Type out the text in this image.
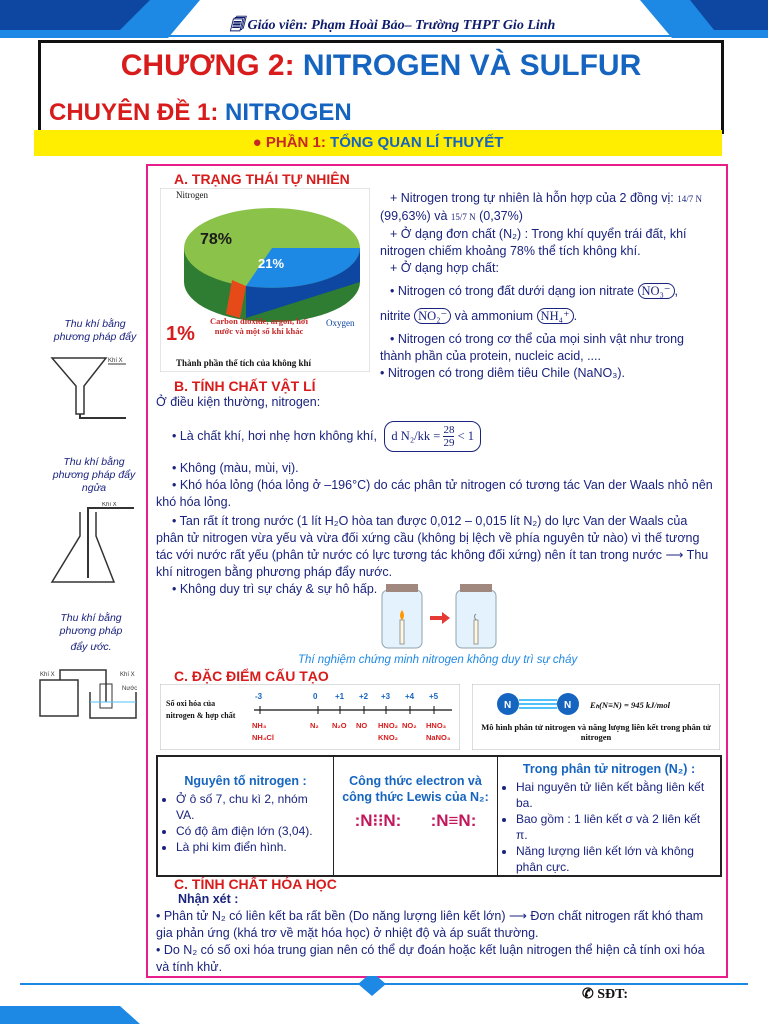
🗐 Giáo viên: Phạm Hoài Bảo– Trường THPT Gio Linh
CHƯƠNG 2: NITROGEN VÀ SULFUR
CHUYÊN ĐỀ 1: NITROGEN
● PHẦN 1: TỔNG QUAN LÍ THUYẾT
Thu khí bằng phương pháp đẩy
Khí X
Thu khí bằng phương pháp đẩy ngửa
Khí X
Thu khí bằng phương pháp
đẩy ước.
Khí X	Khí X
Nước
A. TRẠNG THÁI TỰ NHIÊN
Nitrogen
78%
21%
Oxygen
1%
Carbon dioxide, argon, hơi nước và một số khí khác
Thành phần thể tích của không khí
+ Nitrogen trong tự nhiên là hỗn hợp của 2 đồng vị: 14/7 N
(99,63%) và 15/7 N (0,37%)
+ Ở dạng đơn chất (N₂) : Trong khí quyển trái đất, khí nitrogen chiếm khoảng 78% thể tích không khí.
+ Ở dạng hợp chất:
• Nitrogen có trong đất dưới dạng ion nitrate NO₃⁻ ,
nitrite NO₂⁻ và ammonium NH₄⁺ .
• Nitrogen có trong cơ thể của mọi sinh vật như trong thành phần của protein, nucleic acid, ....
• Nitrogen có trong diêm tiêu Chile (NaNO₃).
B. TÍNH CHẤT VẬT LÍ
Ở điều kiện thường, nitrogen:
• Là chất khí, hơi nhẹ hơn không khí, d N₂/kk =
$\frac{28}{29}$
< 1
• Không (màu, mùi, vị).
• Khó hóa lỏng (hóa lỏng ở –196°C) do các phân tử nitrogen có tương tác Van der Waals nhỏ nên khó hóa lỏng.
• Tan rất ít trong nước (1 lít H₂O hòa tan được 0,012 – 0,015 lít N₂) do lực Van der Waals của phân tử nitrogen vừa yếu và vừa đối xứng cầu (không bị lệch về phía nguyên tử nào) vì thế tương tác với nước rất yếu (phân tử nước có lực tương tác không đối xứng) nên ít tan trong nước ⟶ Thu khí nitrogen bằng phương pháp đẩy nước.
• Không duy trì sự cháy & sự hô hấp.
Thí nghiệm chứng minh nitrogen không duy trì sự cháy
C. ĐẶC ĐIỂM CẤU TẠO
Số oxi hóa của
nitrogen & hợp chất
-3
NH₃
0
N₂
+1
N₂O
+2
NO
+3
HNO₂
+4
NO₂
+5
HNO₃
NH₄Cl	KNO₂	NaNO₃
N	N Eₕ(N≡N) = 945 kJ/mol
Mô hình phân tử nitrogen và năng lượng liên kết trong phân tử nitrogen
Nguyên tố nitrogen :
• Ở ô số 7, chu kì 2, nhóm VA.
• Có độ âm điện lớn (3,04).
• Là phi kim điển hình.
Công thức electron và công thức Lewis của N₂:
:N⁝⁝N: :N≡N:
Trong phân tử nitrogen (N₂) :
• Hai nguyên tử liên kết bằng liên kết ba.
• Bao gồm : 1 liên kết σ và 2 liên kết π.
• Năng lượng liên kết lớn và không phân cực.
C. TÍNH CHẤT HÓA HỌC
Nhận xét :
• Phân tử N₂ có liên kết ba rất bền (Do năng lượng liên kết lớn) ⟶ Đơn chất nitrogen rất khó tham gia phản ứng (khá trơ về mặt hóa học) ở nhiệt độ và áp suất thường.
• Do N₂ có số oxi hóa trung gian nên có thể dự đoán hoặc kết luận nitrogen thể hiện cả tính oxi hóa và tính khử.
✆ SĐT:
